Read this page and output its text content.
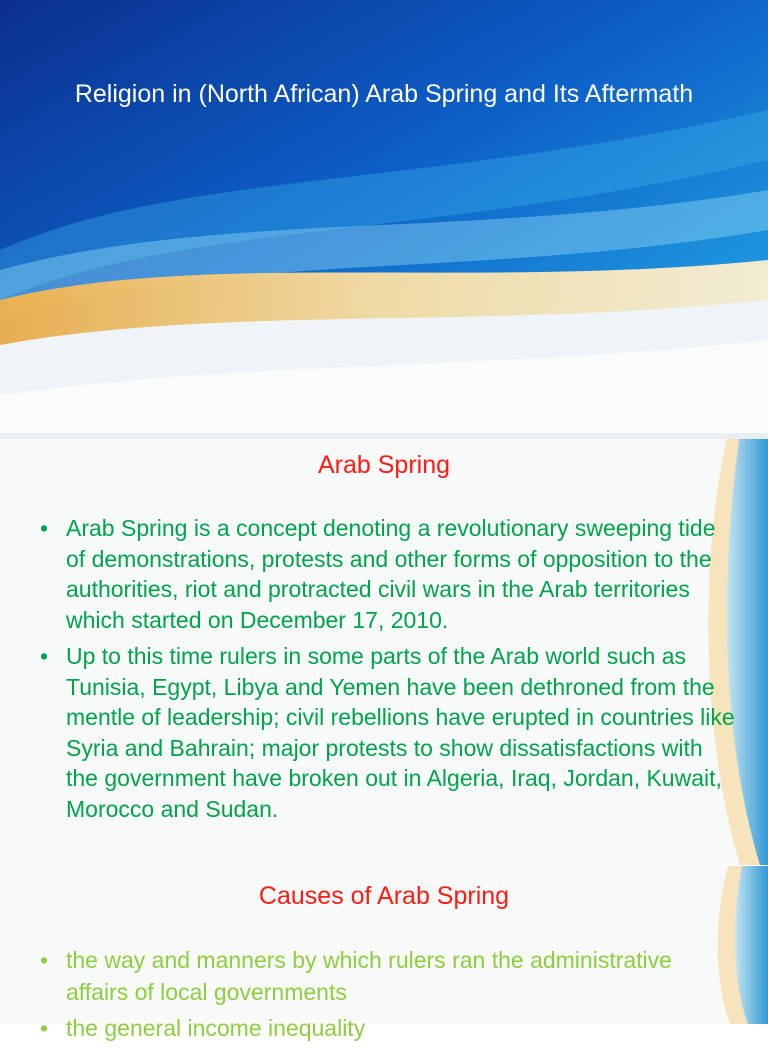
Religion in (North African) Arab Spring and Its Aftermath
Arab Spring
• Arab Spring is a concept denoting a revolutionary sweeping tide of demonstrations, protests and other forms of opposition to the authorities, riot and protracted civil wars in the Arab territories which started on December 17, 2010.
• Up to this time rulers in some parts of the Arab world such as Tunisia, Egypt, Libya and Yemen have been dethroned from the mentle of leadership; civil rebellions have erupted in countries like Syria and Bahrain; major protests to show dissatisfactions with the government have broken out in Algeria, Iraq, Jordan, Kuwait, Morocco and Sudan.
Causes of Arab Spring
• the way and manners by which rulers ran the administrative affairs of local governments
• the general income inequality
